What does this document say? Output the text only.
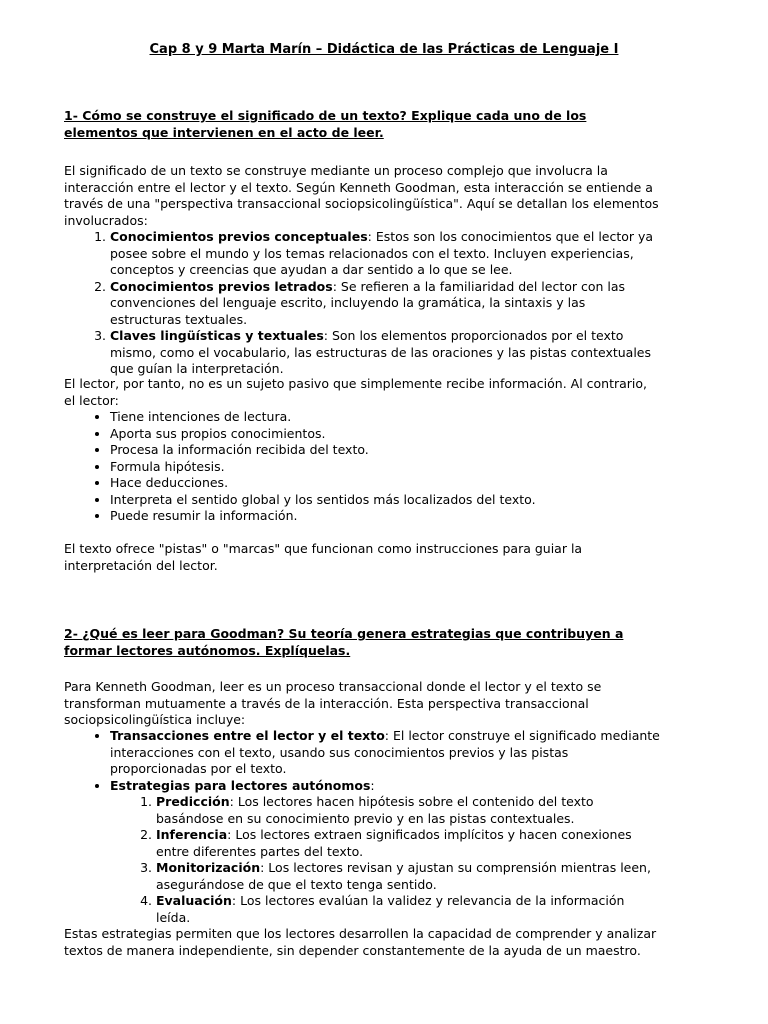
Cap 8 y 9 Marta Marín – Didáctica de las Prácticas de Lenguaje I

1- Cómo se construye el significado de un texto? Explique cada uno de los elementos que intervienen en el acto de leer.

El significado de un texto se construye mediante un proceso complejo que involucra la interacción entre el lector y el texto. Según Kenneth Goodman, esta interacción se entiende a través de una "perspectiva transaccional sociopsicolingüística". Aquí se detallan los elementos involucrados:

1. Conocimientos previos conceptuales: Estos son los conocimientos que el lector ya posee sobre el mundo y los temas relacionados con el texto. Incluyen experiencias, conceptos y creencias que ayudan a dar sentido a lo que se lee.
2. Conocimientos previos letrados: Se refieren a la familiaridad del lector con las convenciones del lenguaje escrito, incluyendo la gramática, la sintaxis y las estructuras textuales.
3. Claves lingüísticas y textuales: Son los elementos proporcionados por el texto mismo, como el vocabulario, las estructuras de las oraciones y las pistas contextuales que guían la interpretación.

El lector, por tanto, no es un sujeto pasivo que simplemente recibe información. Al contrario, el lector:

• Tiene intenciones de lectura.
• Aporta sus propios conocimientos.
• Procesa la información recibida del texto.
• Formula hipótesis.
• Hace deducciones.
• Interpreta el sentido global y los sentidos más localizados del texto.
• Puede resumir la información.

El texto ofrece "pistas" o "marcas" que funcionan como instrucciones para guiar la interpretación del lector.

2- ¿Qué es leer para Goodman? Su teoría genera estrategias que contribuyen a formar lectores autónomos. Explíquelas.

Para Kenneth Goodman, leer es un proceso transaccional donde el lector y el texto se transforman mutuamente a través de la interacción. Esta perspectiva transaccional sociopsicolingüística incluye:

• Transacciones entre el lector y el texto: El lector construye el significado mediante interacciones con el texto, usando sus conocimientos previos y las pistas proporcionadas por el texto.
• Estrategias para lectores autónomos:
1. Predicción: Los lectores hacen hipótesis sobre el contenido del texto basándose en su conocimiento previo y en las pistas contextuales.
2. Inferencia: Los lectores extraen significados implícitos y hacen conexiones entre diferentes partes del texto.
3. Monitorización: Los lectores revisan y ajustan su comprensión mientras leen, asegurándose de que el texto tenga sentido.
4. Evaluación: Los lectores evalúan la validez y relevancia de la información leída.

Estas estrategias permiten que los lectores desarrollen la capacidad de comprender y analizar textos de manera independiente, sin depender constantemente de la ayuda de un maestro.
